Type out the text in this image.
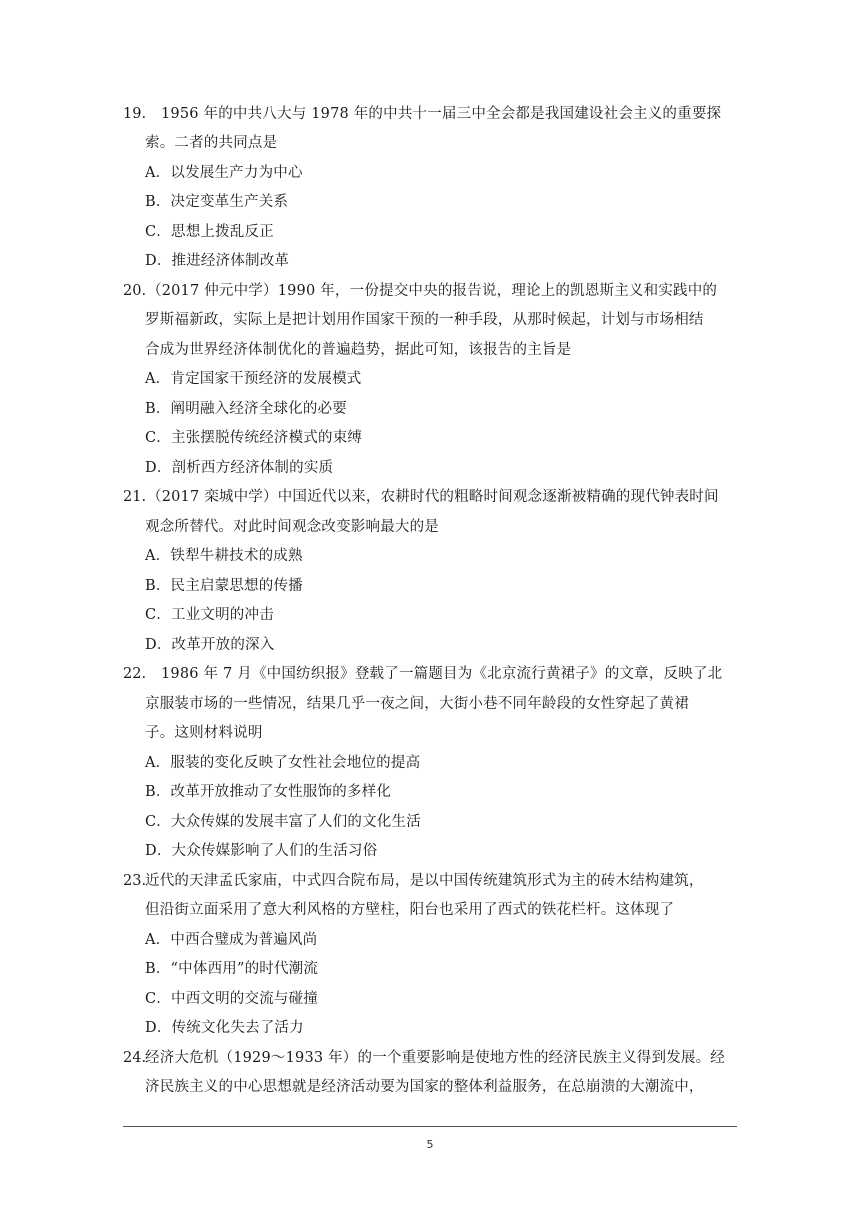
19. 1956 年的中共八大与 1978 年的中共十一届三中全会都是我国建设社会主义的重要探
索。二者的共同点是
A．以发展生产力为中心
B．决定变革生产关系
C．思想上拨乱反正
D．推进经济体制改革
20. （2017 仲元中学）1990 年，一份提交中央的报告说，理论上的凯恩斯主义和实践中的
罗斯福新政，实际上是把计划用作国家干预的一种手段，从那时候起，计划与市场相结
合成为世界经济体制优化的普遍趋势，据此可知，该报告的主旨是
A．肯定国家干预经济的发展模式
B．阐明融入经济全球化的必要
C．主张摆脱传统经济模式的束缚
D．剖析西方经济体制的实质
21. （2017 栾城中学）中国近代以来，农耕时代的粗略时间观念逐渐被精确的现代钟表时间
观念所替代。对此时间观念改变影响最大的是
A．铁犁牛耕技术的成熟
B．民主启蒙思想的传播
C．工业文明的冲击
D．改革开放的深入
22. 1986 年 7 月《中国纺织报》登载了一篇题目为《北京流行黄裙子》的文章，反映了北
京服装市场的一些情况，结果几乎一夜之间，大街小巷不同年龄段的女性穿起了黄裙
子。这则材料说明
A．服装的变化反映了女性社会地位的提高
B．改革开放推动了女性服饰的多样化
C．大众传媒的发展丰富了人们的文化生活
D．大众传媒影响了人们的生活习俗
23.
近代的天津孟氏家庙，中式四合院布局，是以中国传统建筑形式为主的砖木结构建筑，
但沿街立面采用了意大利风格的方壁柱，阳台也采用了西式的铁花栏杆。这体现了
A．中西合璧成为普遍风尚
B．“中体西用”的时代潮流
C．中西文明的交流与碰撞
D．传统文化失去了活力
24.
经济大危机（1929～1933 年）的一个重要影响是使地方性的经济民族主义得到发展。经
济民族主义的中心思想就是经济活动要为国家的整体利益服务，在总崩溃的大潮流中，
5
